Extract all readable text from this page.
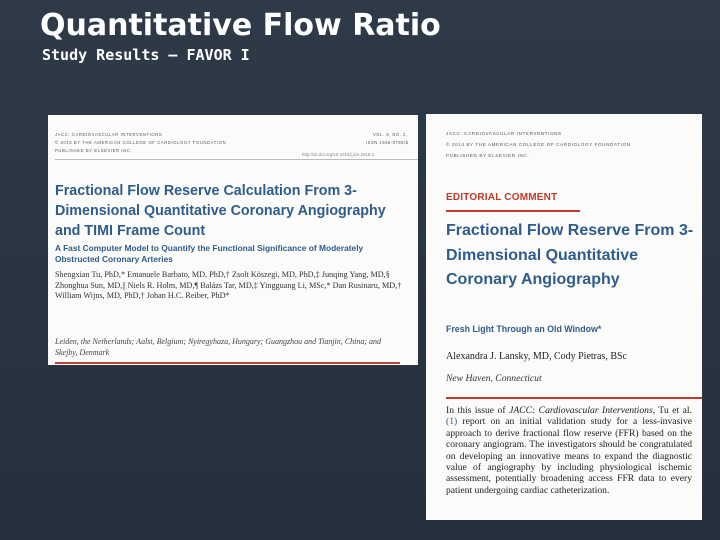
Quantitative Flow Ratio
Study Results – FAVOR I
JACC: CARDIOVASCULAR INTERVENTIONS
© 2016 BY THE AMERICAN COLLEGE OF CARDIOLOGY FOUNDATION
PUBLISHED BY ELSEVIER INC.
VOL. 9, NO. 2,
ISSN 1936-8798/$
http://dx.doi.org/10.1016/j.jcin.2015.1
Fractional Flow Reserve Calculation From 3-Dimensional Quantitative Coronary Angiography and TIMI Frame Count
A Fast Computer Model to Quantify the Functional Significance of Moderately Obstructed Coronary Arteries
Shengxian Tu, PhD,* Emanuele Barbato, MD, PhD,† Zsolt Köszegi, MD, PhD,‡ Junqing Yang, MD,§ Zhonghua Sun, MD,|| Niels R. Holm, MD,¶ Balázs Tar, MD,‡ Yingguang Li, MSc,* Dan Rusinaru, MD,† William Wijns, MD, PhD,† Johan H.C. Reiber, PhD*
Leiden, the Netherlands; Aalst, Belgium; Nyiregyhaza, Hungary; Guangzhou and Tianjin, China; and Skejby, Denmark
JACC: CARDIOVASCULAR INTERVENTIONS
© 2014 BY THE AMERICAN COLLEGE OF CARDIOLOGY FOUNDATION
PUBLISHED BY ELSEVIER INC.
EDITORIAL COMMENT
Fractional Flow Reserve From 3-Dimensional Quantitative Coronary Angiography
Fresh Light Through an Old Window*
Alexandra J. Lansky, MD, Cody Pietras, BSc
New Haven, Connecticut
In this issue of JACC: Cardiovascular Interventions, Tu et al. (1) report on an initial validation study for a less-invasive approach to derive fractional flow reserve (FFR) based on the coronary angiogram. The investigators should be congratulated on developing an innovative means to expand the diagnostic value of angiography by including physiological ischemic assessment, potentially broadening access FFR data to every patient undergoing cardiac catheterization.
